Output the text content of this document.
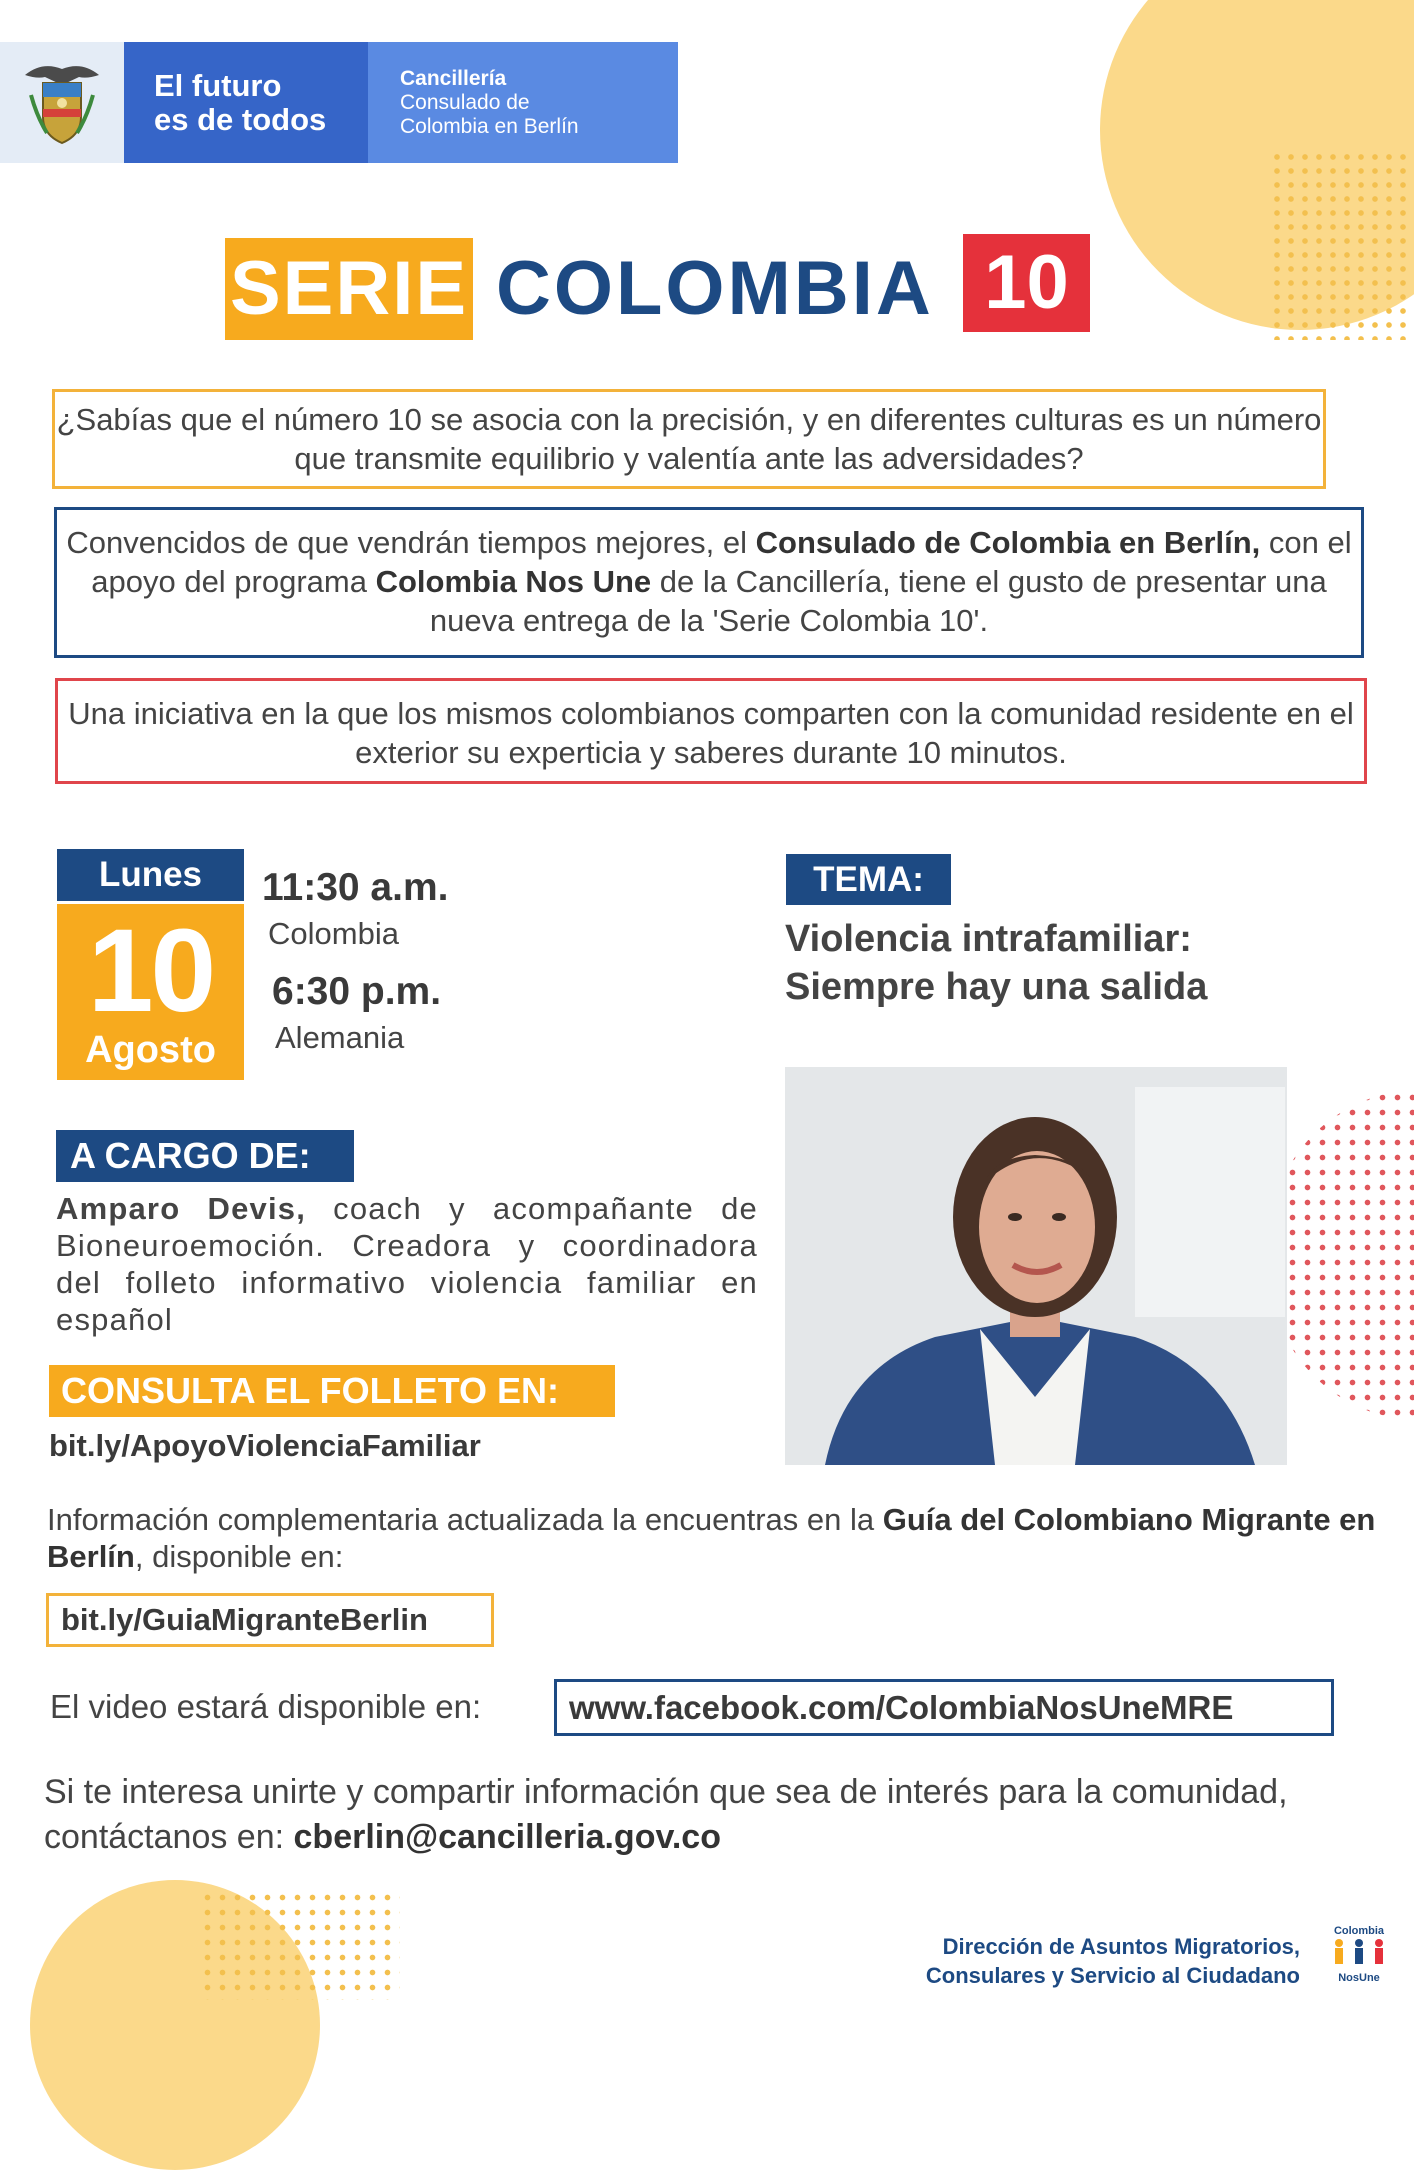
El futuro
es de todos
Cancillería
Consulado de
Colombia en Berlín
SERIE COLOMBIA 10
¿Sabías que el número 10 se asocia con la precisión, y en diferentes culturas es un número que transmite equilibrio y valentía ante las adversidades?
Convencidos de que vendrán tiempos mejores, el Consulado de Colombia en Berlín, con el apoyo del programa Colombia Nos Une de la Cancillería, tiene el gusto de presentar una nueva entrega de la 'Serie Colombia 10'.
Una iniciativa en la que los mismos colombianos comparten con la comunidad residente en el exterior su experticia y saberes durante 10 minutos.
Lunes
10
Agosto
11:30 a.m.
Colombia
6:30 p.m.
Alemania
TEMA:
Violencia intrafamiliar:
Siempre hay una salida
A CARGO DE:
Amparo Devis, coach y acompañante de Bioneuroemoción. Creadora y coordinadora del folleto informativo violencia familiar en español
CONSULTA EL FOLLETO EN:
bit.ly/ApoyoViolenciaFamiliar
Información complementaria actualizada la encuentras en la Guía del Colombiano Migrante en Berlín, disponible en:
bit.ly/GuiaMigranteBerlin
El video estará disponible en:	www.facebook.com/ColombiaNosUneMRE
Si te interesa unirte y compartir información que sea de interés para la comunidad, contáctanos en: cberlin@cancilleria.gov.co
Dirección de Asuntos Migratorios,
Consulares y Servicio al Ciudadano
Colombia
NosUne
